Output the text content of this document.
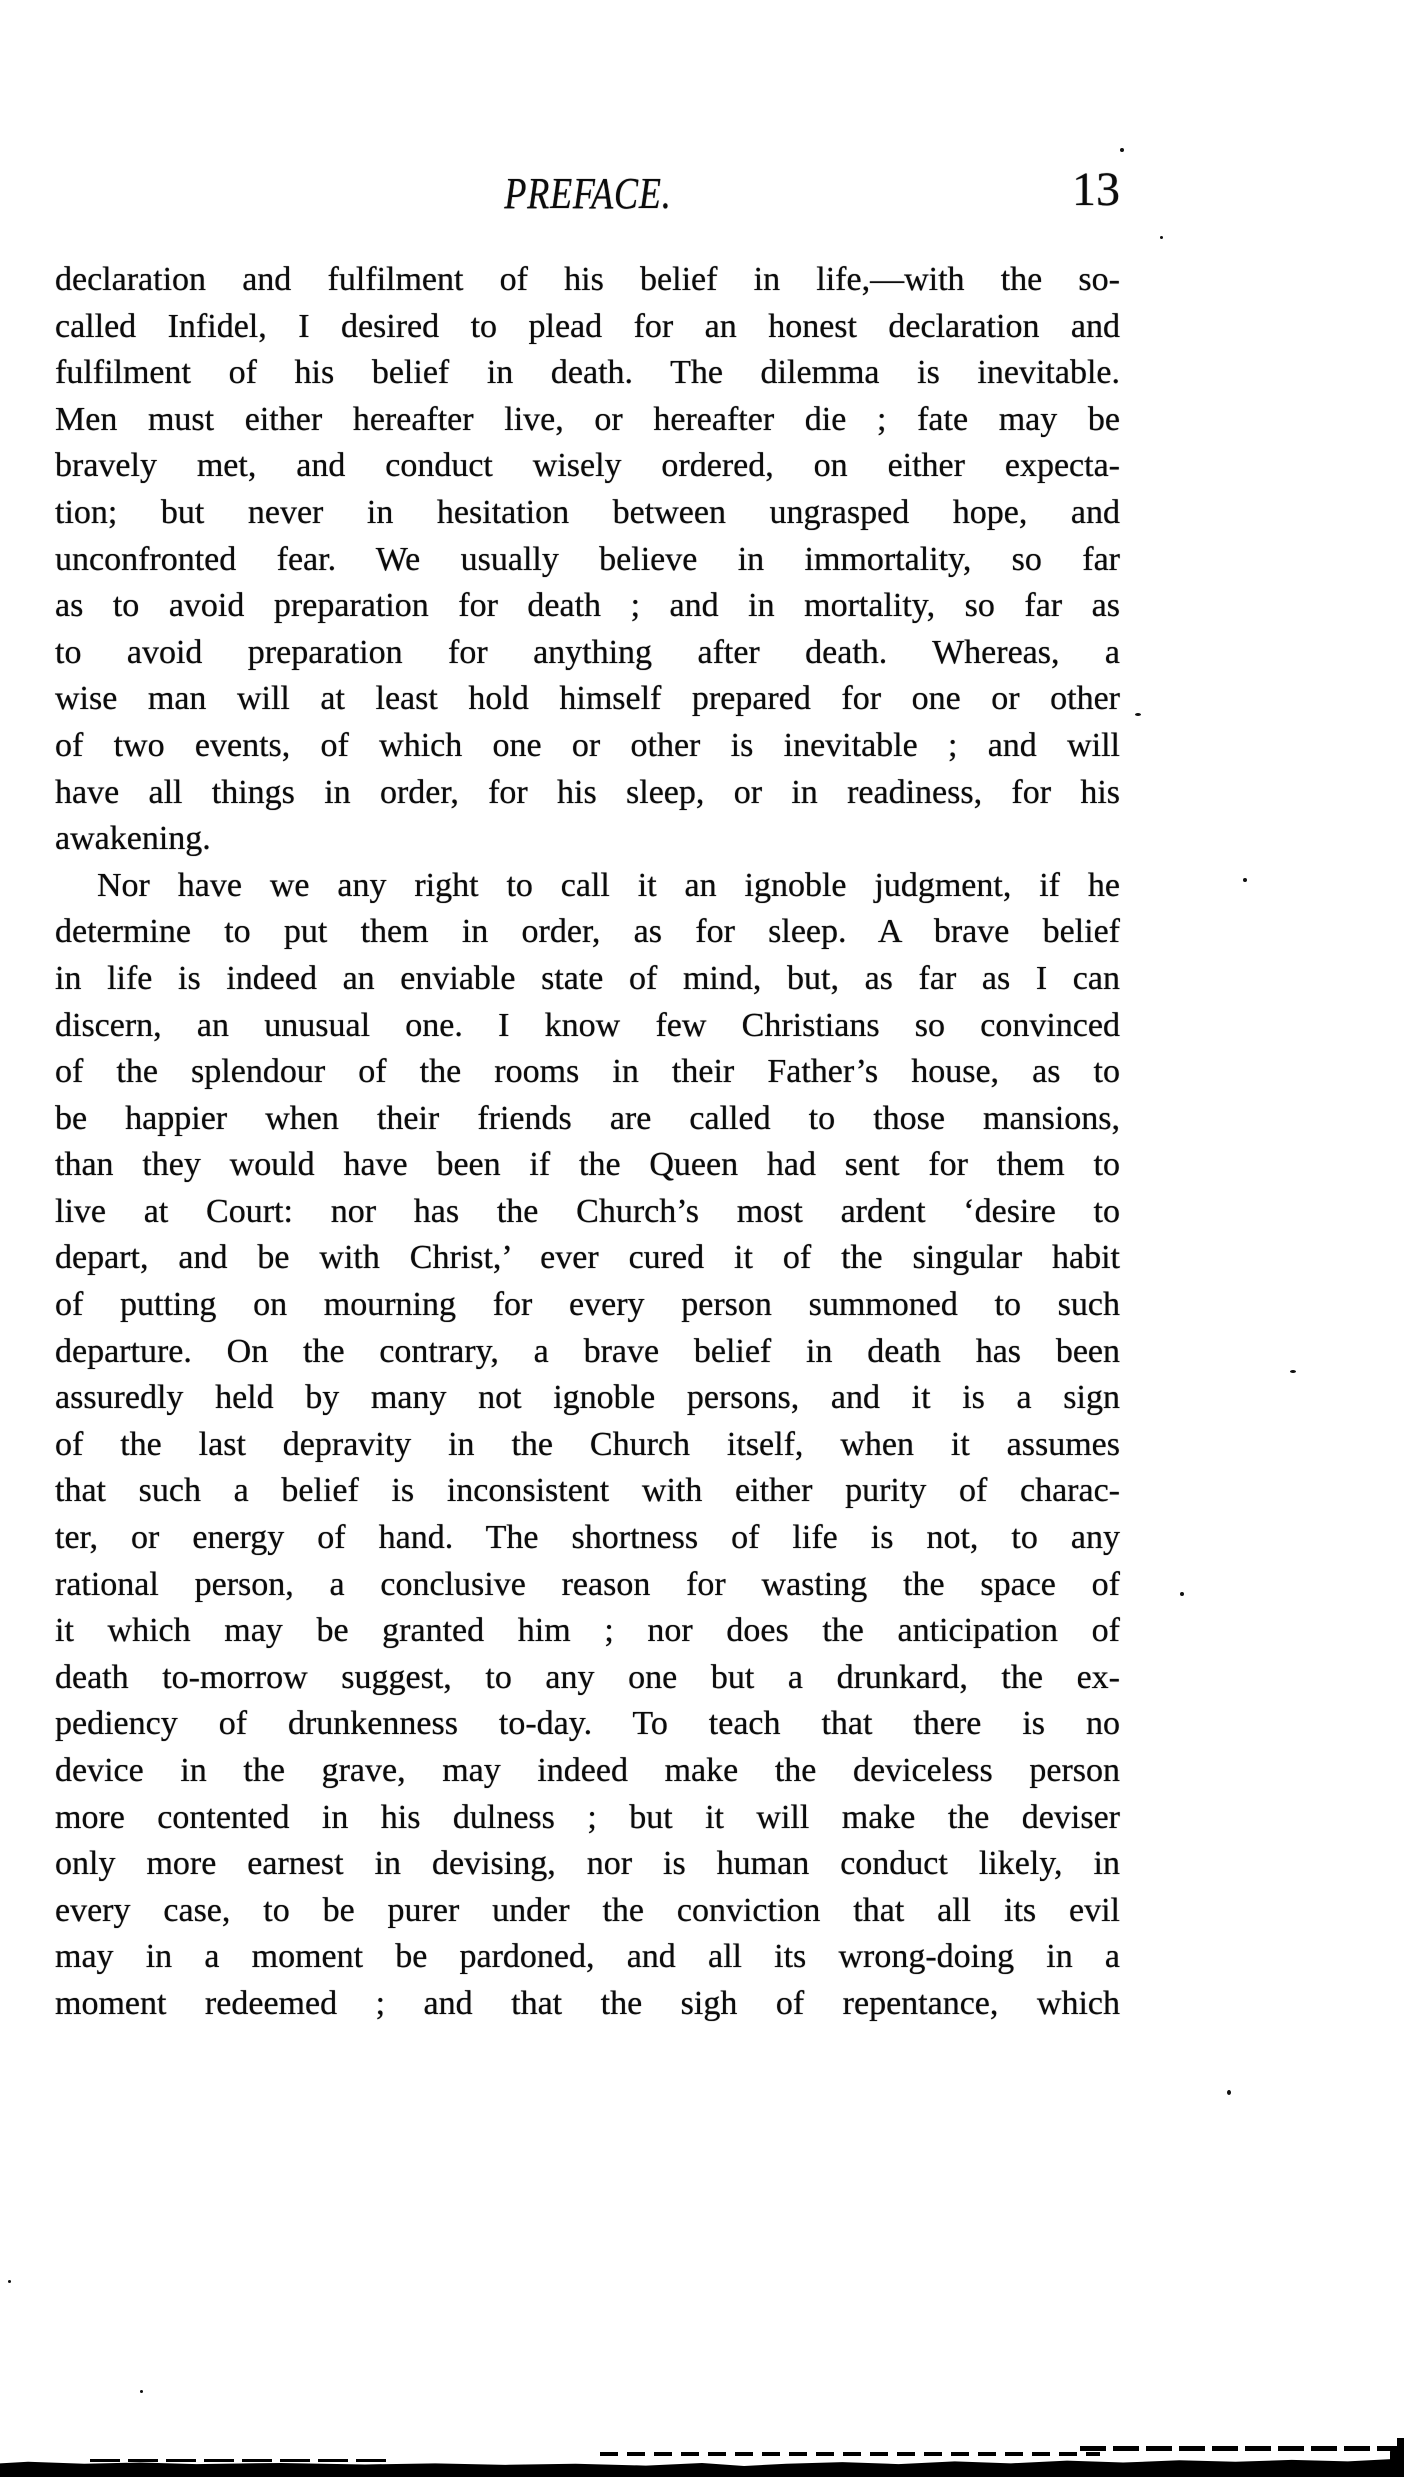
PREFACE.	13
declaration and fulfilment of his belief in life,—with the so-
called Infidel, I desired to plead for an honest declaration and
fulfilment of his belief in death. The dilemma is inevitable.
Men must either hereafter live, or hereafter die ; fate may be
bravely met, and conduct wisely ordered, on either expecta-
tion; but never in hesitation between ungrasped hope, and
unconfronted fear. We usually believe in immortality, so far
as to avoid preparation for death ; and in mortality, so far as
to avoid preparation for anything after death. Whereas, a
wise man will at least hold himself prepared for one or other
of two events, of which one or other is inevitable ; and will
have all things in order, for his sleep, or in readiness, for his
awakening.
Nor have we any right to call it an ignoble judgment, if he
determine to put them in order, as for sleep. A brave belief
in life is indeed an enviable state of mind, but, as far as I can
discern, an unusual one. I know few Christians so convinced
of the splendour of the rooms in their Father’s house, as to
be happier when their friends are called to those mansions,
than they would have been if the Queen had sent for them to
live at Court: nor has the Church’s most ardent ‘desire to
depart, and be with Christ,’ ever cured it of the singular habit
of putting on mourning for every person summoned to such
departure. On the contrary, a brave belief in death has been
assuredly held by many not ignoble persons, and it is a sign
of the last depravity in the Church itself, when it assumes
that such a belief is inconsistent with either purity of charac-
ter, or energy of hand. The shortness of life is not, to any
rational person, a conclusive reason for wasting the space of
it which may be granted him ; nor does the anticipation of
death to-morrow suggest, to any one but a drunkard, the ex-
pediency of drunkenness to-day. To teach that there is no
device in the grave, may indeed make the deviceless person
more contented in his dulness ; but it will make the deviser
only more earnest in devising, nor is human conduct likely, in
every case, to be purer under the conviction that all its evil
may in a moment be pardoned, and all its wrong-doing in a
moment redeemed ; and that the sigh of repentance, which
